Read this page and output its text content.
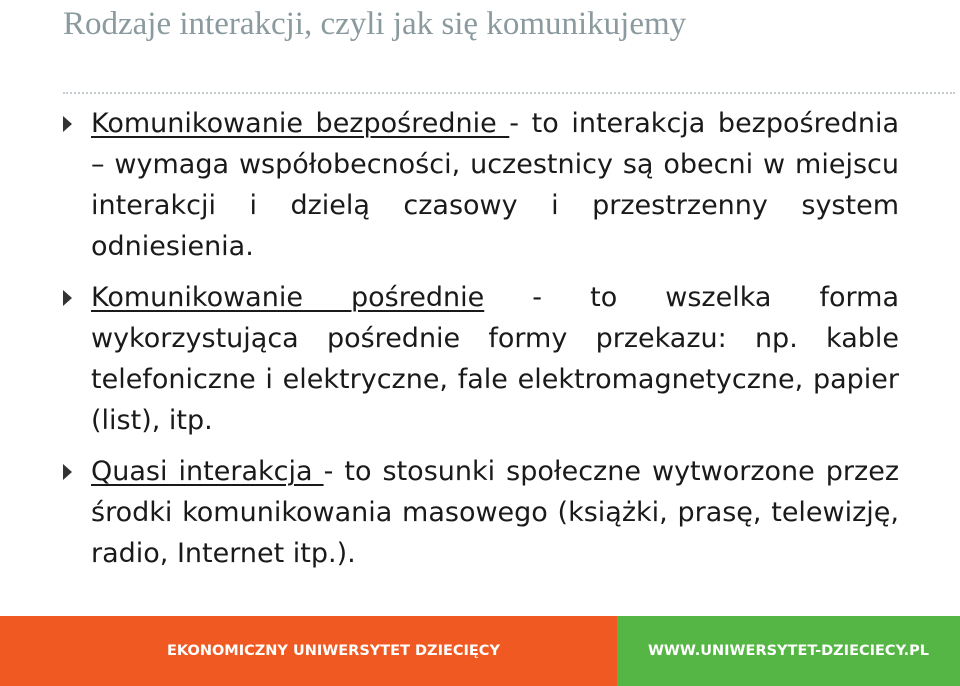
Rodzaje interakcji, czyli jak się komunikujemy
Komunikowanie bezpośrednie - to interakcja bezpośrednia – wymaga współobecności, uczestnicy są obecni w miejscu interakcji i dzielą czasowy i przestrzenny system odniesienia.
Komunikowanie pośrednie - to wszelka forma wykorzystująca pośrednie formy przekazu: np. kable telefoniczne i elektryczne, fale elektromagnetyczne, papier (list), itp.
Quasi interakcja - to stosunki społeczne wytworzone przez środki komunikowania masowego (książki, prasę, telewizję, radio, Internet itp.).
EKONOMICZNY UNIWERSYTET DZIECIĘCY	WWW.UNIWERSYTET-DZIECIECY.PL
